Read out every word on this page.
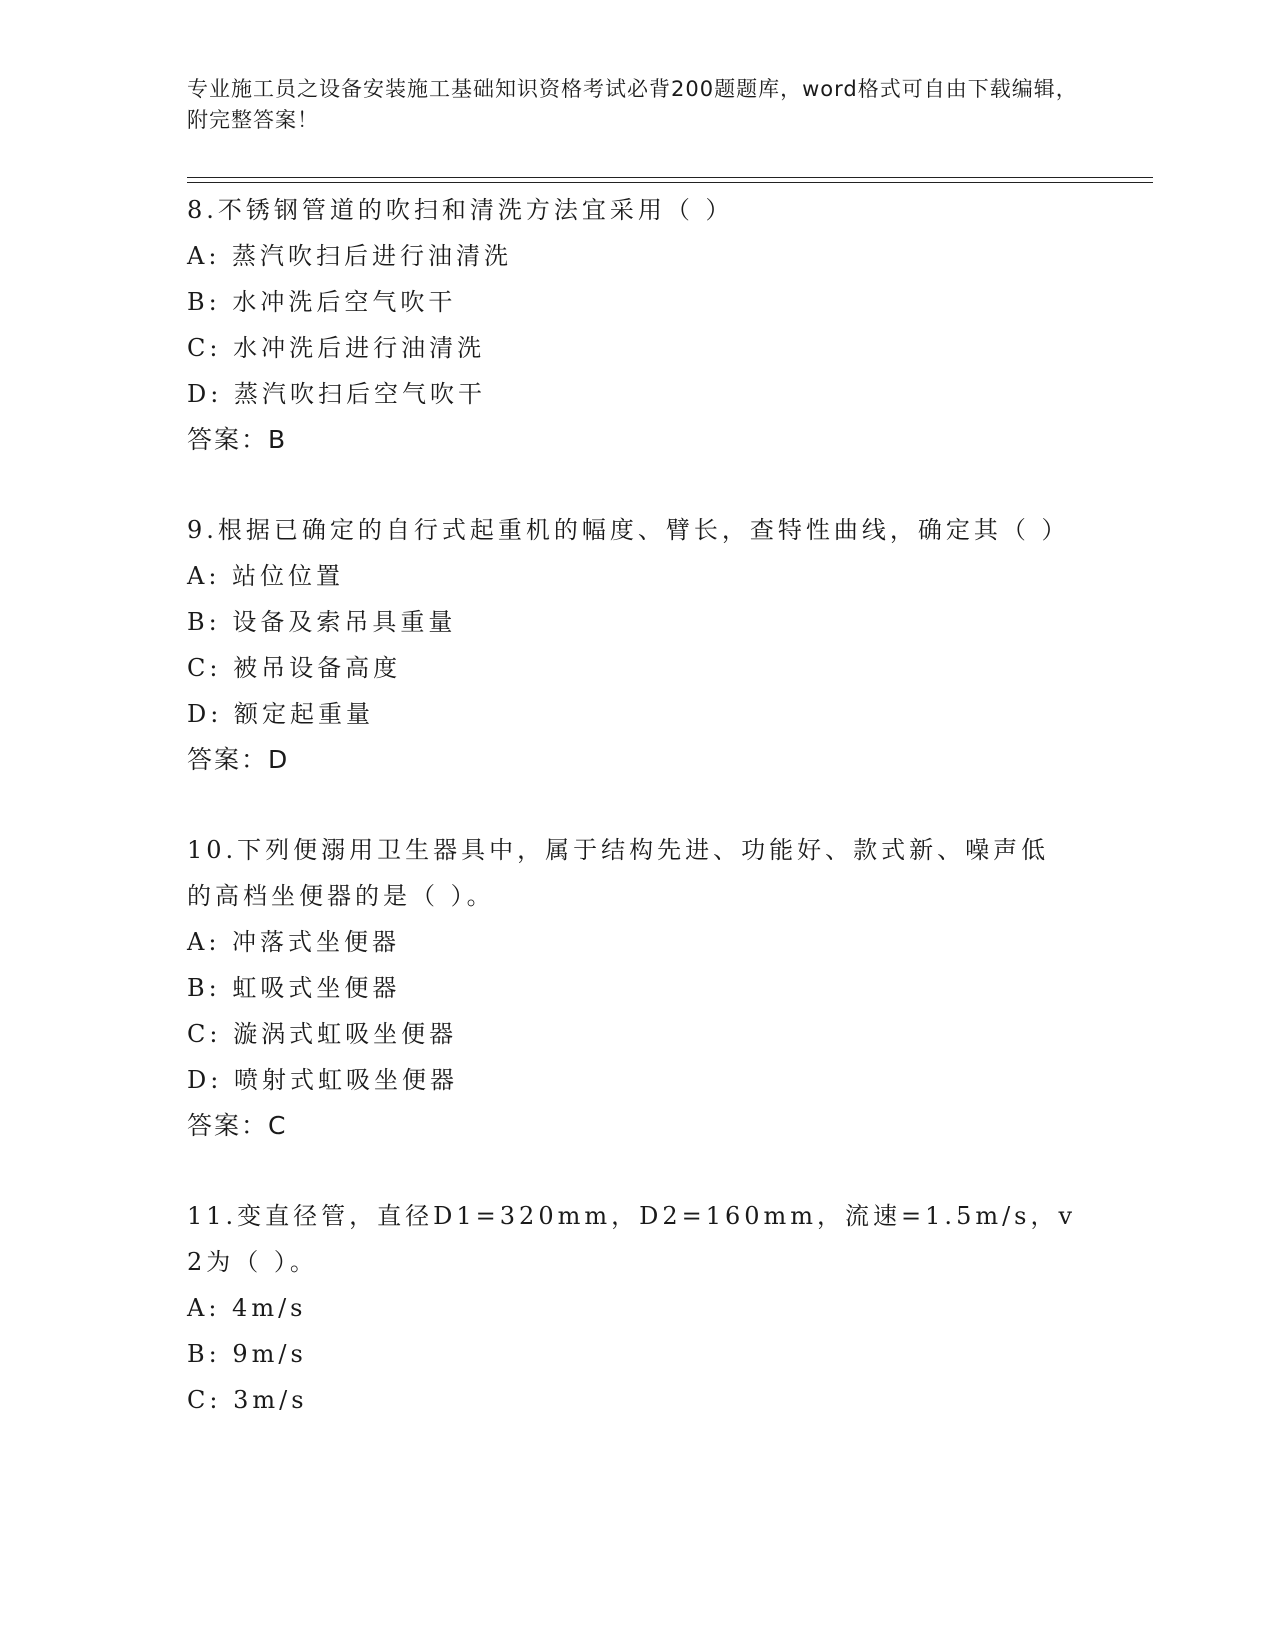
专业施工员之设备安装施工基础知识资格考试必背200题题库，word格式可自由下载编辑，附完整答案！
8.不锈钢管道的吹扫和清洗方法宜采用（ ）
A: 蒸汽吹扫后进行油清洗
B: 水冲洗后空气吹干
C: 水冲洗后进行油清洗
D: 蒸汽吹扫后空气吹干
答案：B
9.根据已确定的自行式起重机的幅度、臂长，查特性曲线，确定其（ ）
A: 站位位置
B: 设备及索吊具重量
C: 被吊设备高度
D: 额定起重量
答案：D
10.下列便溺用卫生器具中，属于结构先进、功能好、款式新、噪声低的高档坐便器的是（ ）。
A: 冲落式坐便器
B: 虹吸式坐便器
C: 漩涡式虹吸坐便器
D: 喷射式虹吸坐便器
答案：C
11.变直径管，直径D1=320mm，D2=160mm，流速=1.5m/s，v2为（ ）。
A: 4m/s
B: 9m/s
C: 3m/s
